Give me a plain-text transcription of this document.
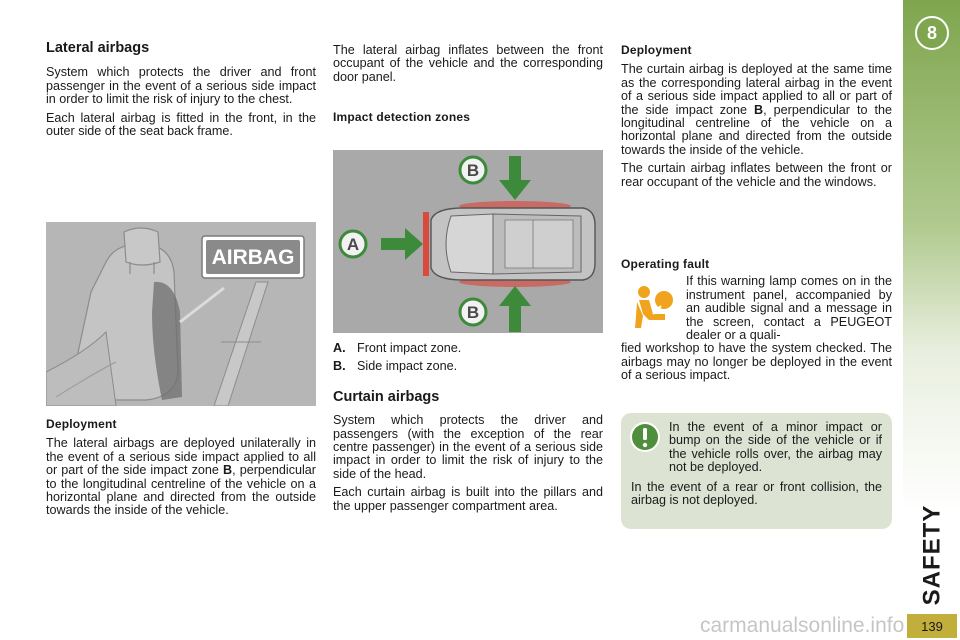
Lateral airbags

System which protects the driver and front passenger in the event of a serious side impact in order to limit the risk of injury to the chest.

Each lateral airbag is fitted in the front, in the outer side of the seat back frame.

AIRBAG
Deployment

The lateral airbags are deployed unilaterally in the event of a serious side impact applied to all or part of the side impact zone B, perpendicular to the longitudinal centreline of the vehicle on a horizontal plane and directed from the outside towards the inside of the vehicle.

The lateral airbag inflates between the front occupant of the vehicle and the corresponding door panel.

Impact detection zones
A
B
B
A. Front impact zone.
B. Side impact zone.
Curtain airbags

System which protects the driver and passengers (with the exception of the rear centre passenger) in the event of a serious side impact in order to limit the risk of injury to the side of the head.

Each curtain airbag is built into the pillars and the upper passenger compartment area.

Deployment

The curtain airbag is deployed at the same time as the corresponding lateral airbag in the event of a serious side impact applied to all or part of the side impact zone B, perpendicular to the longitudinal centreline of the vehicle on a horizontal plane and directed from the outside towards the inside of the vehicle.

The curtain airbag inflates between the front or rear occupant of the vehicle and the windows.

Operating fault

If this warning lamp comes on in the instrument panel, accompanied by an audible signal and a message in the screen, contact a PEUGEOT dealer or a quali-

fied workshop to have the system checked. The airbags may no longer be deployed in the event of a serious impact.

In the event of a minor impact or bump on the side of the vehicle or if the vehicle rolls over, the airbag may not be deployed.

In the event of a rear or front collision, the airbag is not deployed.

8
SAFETY
139
carmanualsonline.info
